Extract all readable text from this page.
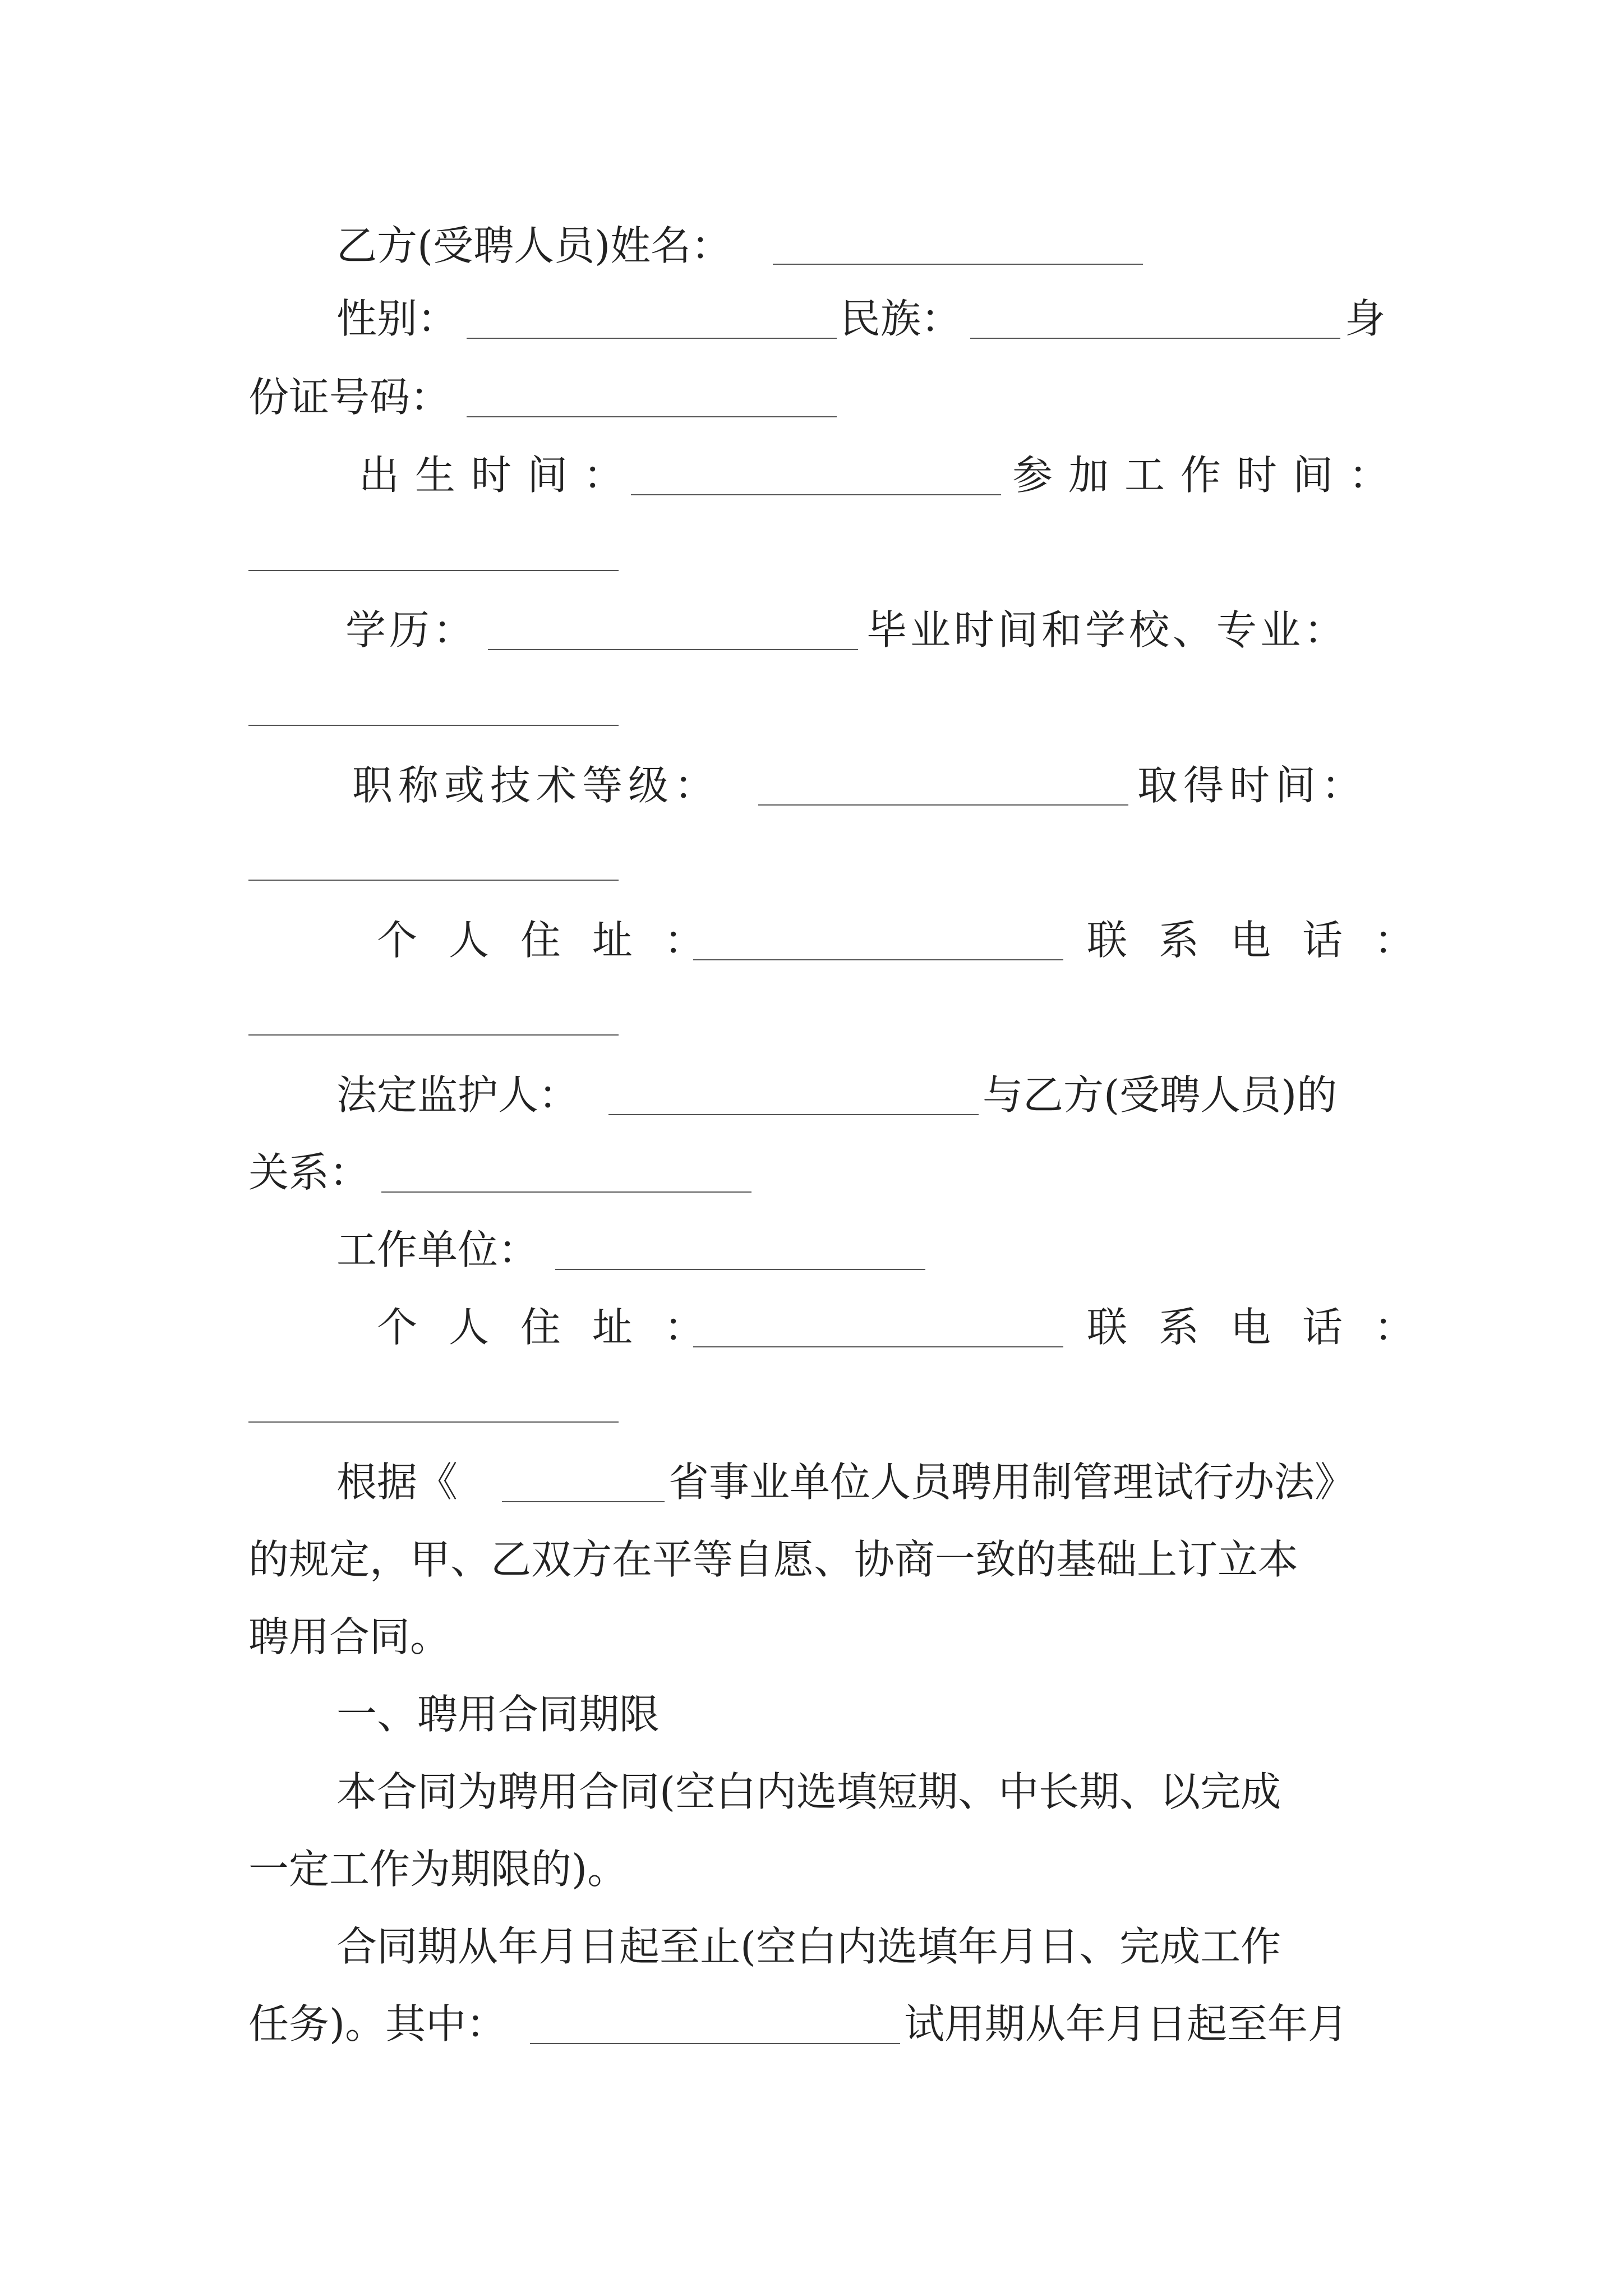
乙方(受聘人员)姓名：
性别：	民族：	身
份证号码：
出生时间：	参加工作时间：
学历：	毕业时间和学校、专业：
职称或技术等级：	取得时间：
个人住址：	联系电话：
法定监护人：	与乙方(受聘人员)的
关系：
工作单位：
个人住址：	联系电话：
根据《	省事业单位人员聘用制管理试行办法》
的规定，甲、乙双方在平等自愿、协商一致的基础上订立本
聘用合同。
一、聘用合同期限
本合同为聘用合同(空白内选填短期、中长期、以完成
一定工作为期限的)。
合同期从年月日起至止(空白内选填年月日、完成工作
任务)。其中：	试用期从年月日起至年月
